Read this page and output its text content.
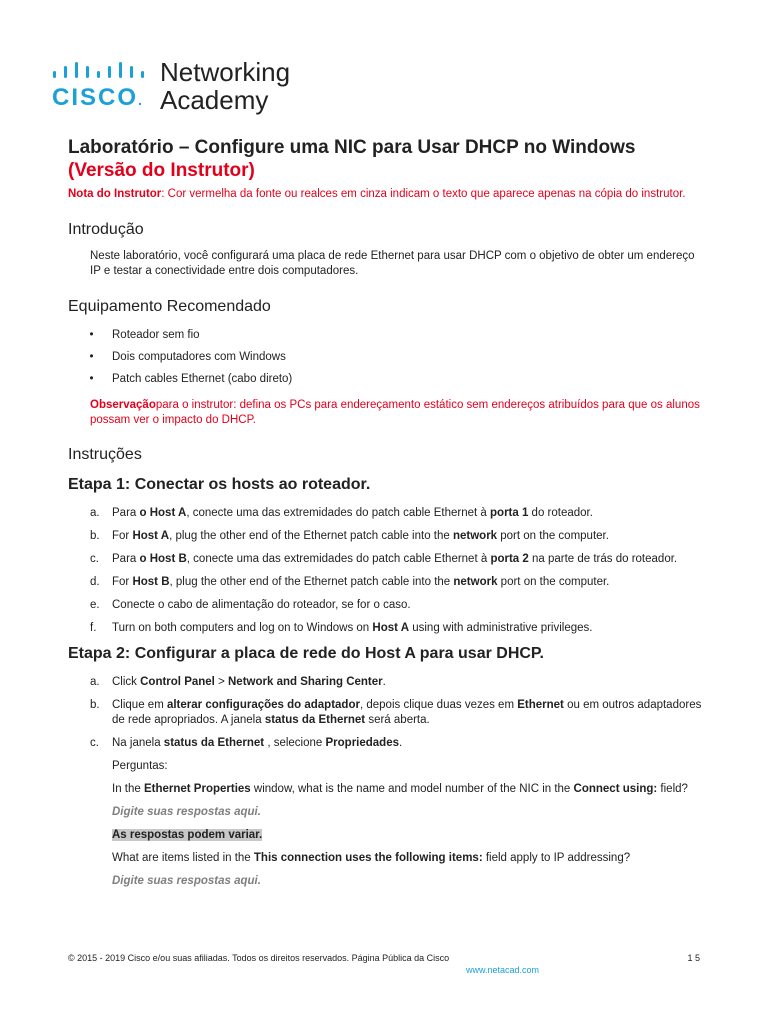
CISCO.
Networking
Academy
Laboratório – Configure uma NIC para Usar DHCP no Windows
(Versão do Instrutor)
Nota do Instrutor: Cor vermelha da fonte ou realces em cinza indicam o texto que aparece apenas na cópia do instrutor.
Introdução

Neste laboratório, você configurará uma placa de rede Ethernet para usar DHCP com o objetivo de obter um endereço IP e testar a conectividade entre dois computadores.

Equipamento Recomendado
• Roteador sem fio
• Dois computadores com Windows
• Patch cables Ethernet (cabo direto)

Observaçãopara o instrutor: defina os PCs para endereçamento estático sem endereços atribuídos para que os alunos possam ver o impacto do DHCP.

Instruções
Etapa 1: Conectar os hosts ao roteador.
a. Para o Host A, conecte uma das extremidades do patch cable Ethernet à porta 1 do roteador.
b. For Host A, plug the other end of the Ethernet patch cable into the network port on the computer.
c. Para o Host B, conecte uma das extremidades do patch cable Ethernet à porta 2 na parte de trás do roteador.
d. For Host B, plug the other end of the Ethernet patch cable into the network port on the computer.
e. Conecte o cabo de alimentação do roteador, se for o caso.
f. Turn on both computers and log on to Windows on Host A using with administrative privileges.
Etapa 2: Configurar a placa de rede do Host A para usar DHCP.
a. Click Control Panel > Network and Sharing Center.
b. Clique em alterar configurações do adaptador, depois clique duas vezes em Ethernet ou em outros adaptadores de rede apropriados. A janela status da Ethernet será aberta.
c. Na janela status da Ethernet , selecione Propriedades.

Perguntas:

In the Ethernet Properties window, what is the name and model number of the NIC in the Connect using: field?

Digite suas respostas aqui.

As respostas podem variar.

What are items listed in the This connection uses the following items: field apply to IP addressing?

Digite suas respostas aqui.

© 2015 - 2019 Cisco e/ou suas afiliadas. Todos os direitos reservados. Página Pública da Cisco	1 5
www.netacad.com
